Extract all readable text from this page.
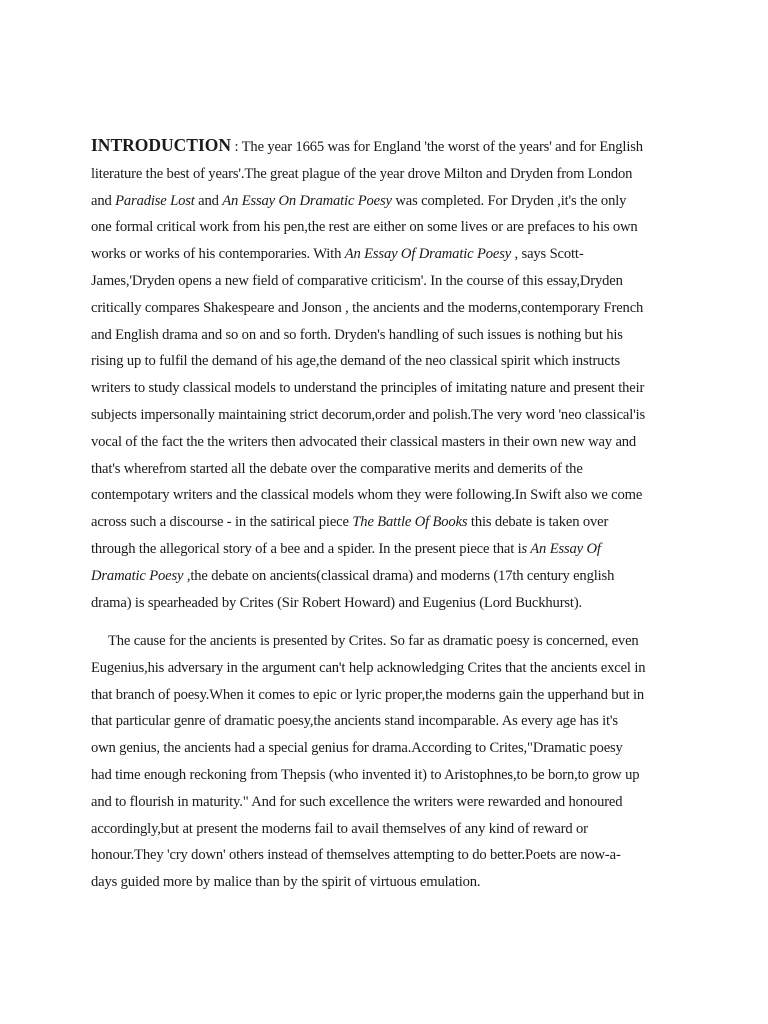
INTRODUCTION : The year 1665 was for England 'the worst of the years' and for English
literature the best of years'.The great plague of the year drove Milton and Dryden from London
and Paradise Lost and An Essay On Dramatic Poesy was completed. For Dryden ,it's the only
one formal critical work from his pen,the rest are either on some lives or are prefaces to his own
works or works of his contemporaries. With An Essay Of Dramatic Poesy , says Scott-
James,'Dryden opens a new field of comparative criticism'. In the course of this essay,Dryden
critically compares Shakespeare and Jonson , the ancients and the moderns,contemporary French
and English drama and so on and so forth. Dryden's handling of such issues is nothing but his
rising up to fulfil the demand of his age,the demand of the neo classical spirit which instructs
writers to study classical models to understand the principles of imitating nature and present their
subjects impersonally maintaining strict decorum,order and polish.The very word 'neo classical'is
vocal of the fact the the writers then advocated their classical masters in their own new way and
that's wherefrom started all the debate over the comparative merits and demerits of the
contempotary writers and the classical models whom they were following.In Swift also we come
across such a discourse - in the satirical piece The Battle Of Books this debate is taken over
through the allegorical story of a bee and a spider. In the present piece that is An Essay Of
Dramatic Poesy ,the debate on ancients(classical drama) and moderns (17th century english
drama) is spearheaded by Crites (Sir Robert Howard) and Eugenius (Lord Buckhurst).
The cause for the ancients is presented by Crites. So far as dramatic poesy is concerned, even
Eugenius,his adversary in the argument can't help acknowledging Crites that the ancients excel in
that branch of poesy.When it comes to epic or lyric proper,the moderns gain the upperhand but in
that particular genre of dramatic poesy,the ancients stand incomparable. As every age has it's
own genius, the ancients had a special genius for drama.According to Crites,"Dramatic poesy
had time enough reckoning from Thepsis (who invented it) to Aristophnes,to be born,to grow up
and to flourish in maturity." And for such excellence the writers were rewarded and honoured
accordingly,but at present the moderns fail to avail themselves of any kind of reward or
honour.They 'cry down' others instead of themselves attempting to do better.Poets are now-a-
days guided more by malice than by the spirit of virtuous emulation.
